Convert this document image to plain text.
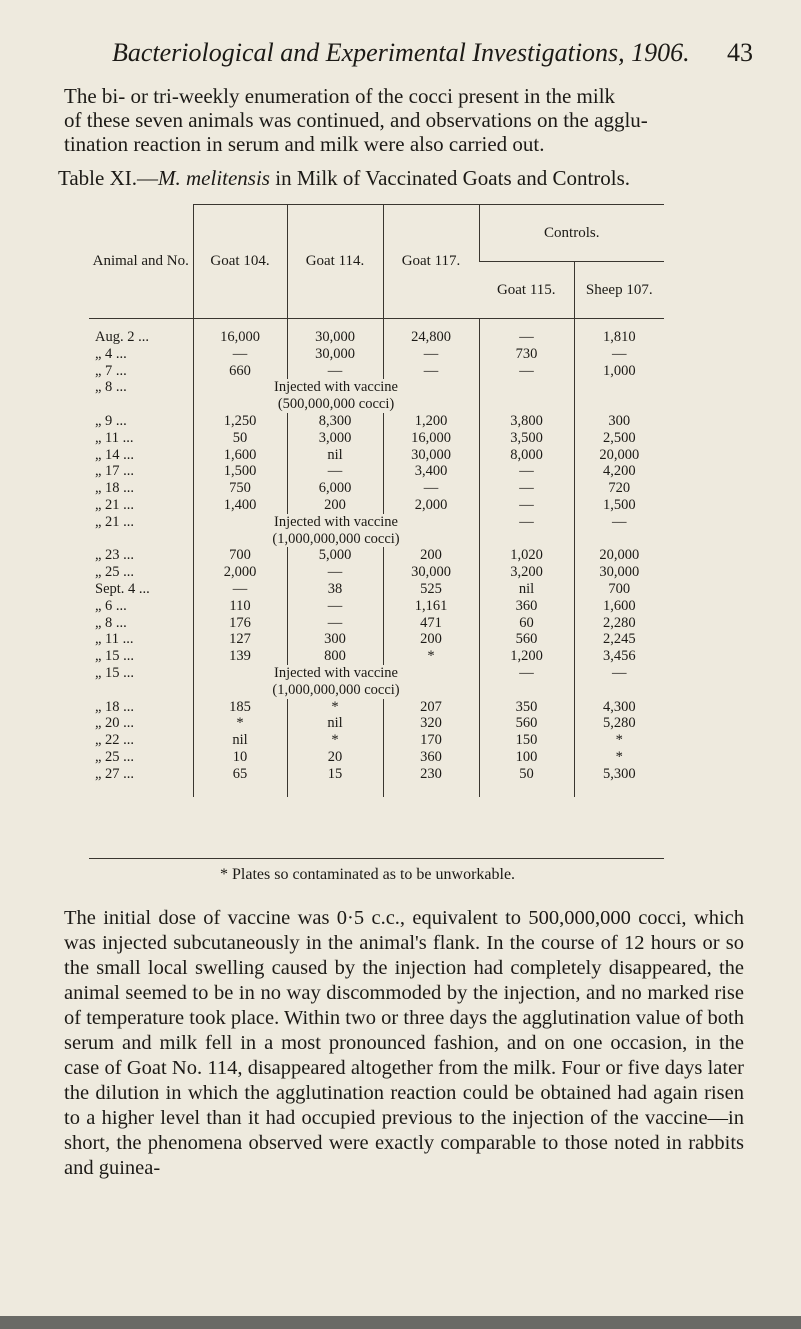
Bacteriological and Experimental Investigations, 1906. 43
The bi- or tri-weekly enumeration of the cocci present in the milk
of these seven animals was continued, and observations on the agglu-
tination reaction in serum and milk were also carried out.
Table XI.—M. melitensis in Milk of Vaccinated Goats and Controls.
Animal and No.	Goat 104.	Goat 114.	Goat 117.	Controls.	
				Goat 115.	Sheep 107.

Aug. 2 ...	16,000	30,000	24,800	—	1,810
„ 4 ...	—	30,000	—	730	—
„ 7 ...	660	—	—	—	1,000
„ 8 ...	Injected with vaccine				
	(500,000,000 cocci)				
„ 9 ...	1,250	8,300	1,200	3,800	300
„ 11 ...	50	3,000	16,000	3,500	2,500
„ 14 ...	1,600	nil	30,000	8,000	20,000
„ 17 ...	1,500	—	3,400	—	4,200
„ 18 ...	750	6,000	—	—	720
„ 21 ...	1,400	200	2,000	—	1,500
„ 21 ...	Injected with vaccine			—	—
	(1,000,000,000 cocci)				
„ 23 ...	700	5,000	200	1,020	20,000
„ 25 ...	2,000	—	30,000	3,200	30,000
Sept. 4 ...	—	38	525	nil	700
„ 6 ...	110	—	1,161	360	1,600
„ 8 ...	176	—	471	60	2,280
„ 11 ...	127	300	200	560	2,245
„ 15 ...	139	800	*	1,200	3,456
„ 15 ...	Injected with vaccine			—	—
	(1,000,000,000 cocci)				
„ 18 ...	185	*	207	350	4,300
„ 20 ...	*	nil	320	560	5,280
„ 22 ...	nil	*	170	150	*
„ 25 ...	10	20	360	100	*
„ 27 ...	65	15	230	50	5,300

* Plates so contaminated as to be unworkable.
The initial dose of vaccine was 0·5 c.c., equivalent to 500,000,000 cocci, which was injected subcutaneously in the animal's flank. In the course of 12 hours or so the small local swelling caused by the injection had completely disappeared, the animal seemed to be in no way discommoded by the injection, and no marked rise of temperature took place. Within two or three days the agglutination value of both serum and milk fell in a most pronounced fashion, and on one occasion, in the case of Goat No. 114, disappeared altogether from the milk. Four or five days later the dilution in which the agglutination reaction could be obtained had again risen to a higher level than it had occupied previous to the injection of the vaccine—in short, the phenomena observed were exactly comparable to those noted in rabbits and guinea-
